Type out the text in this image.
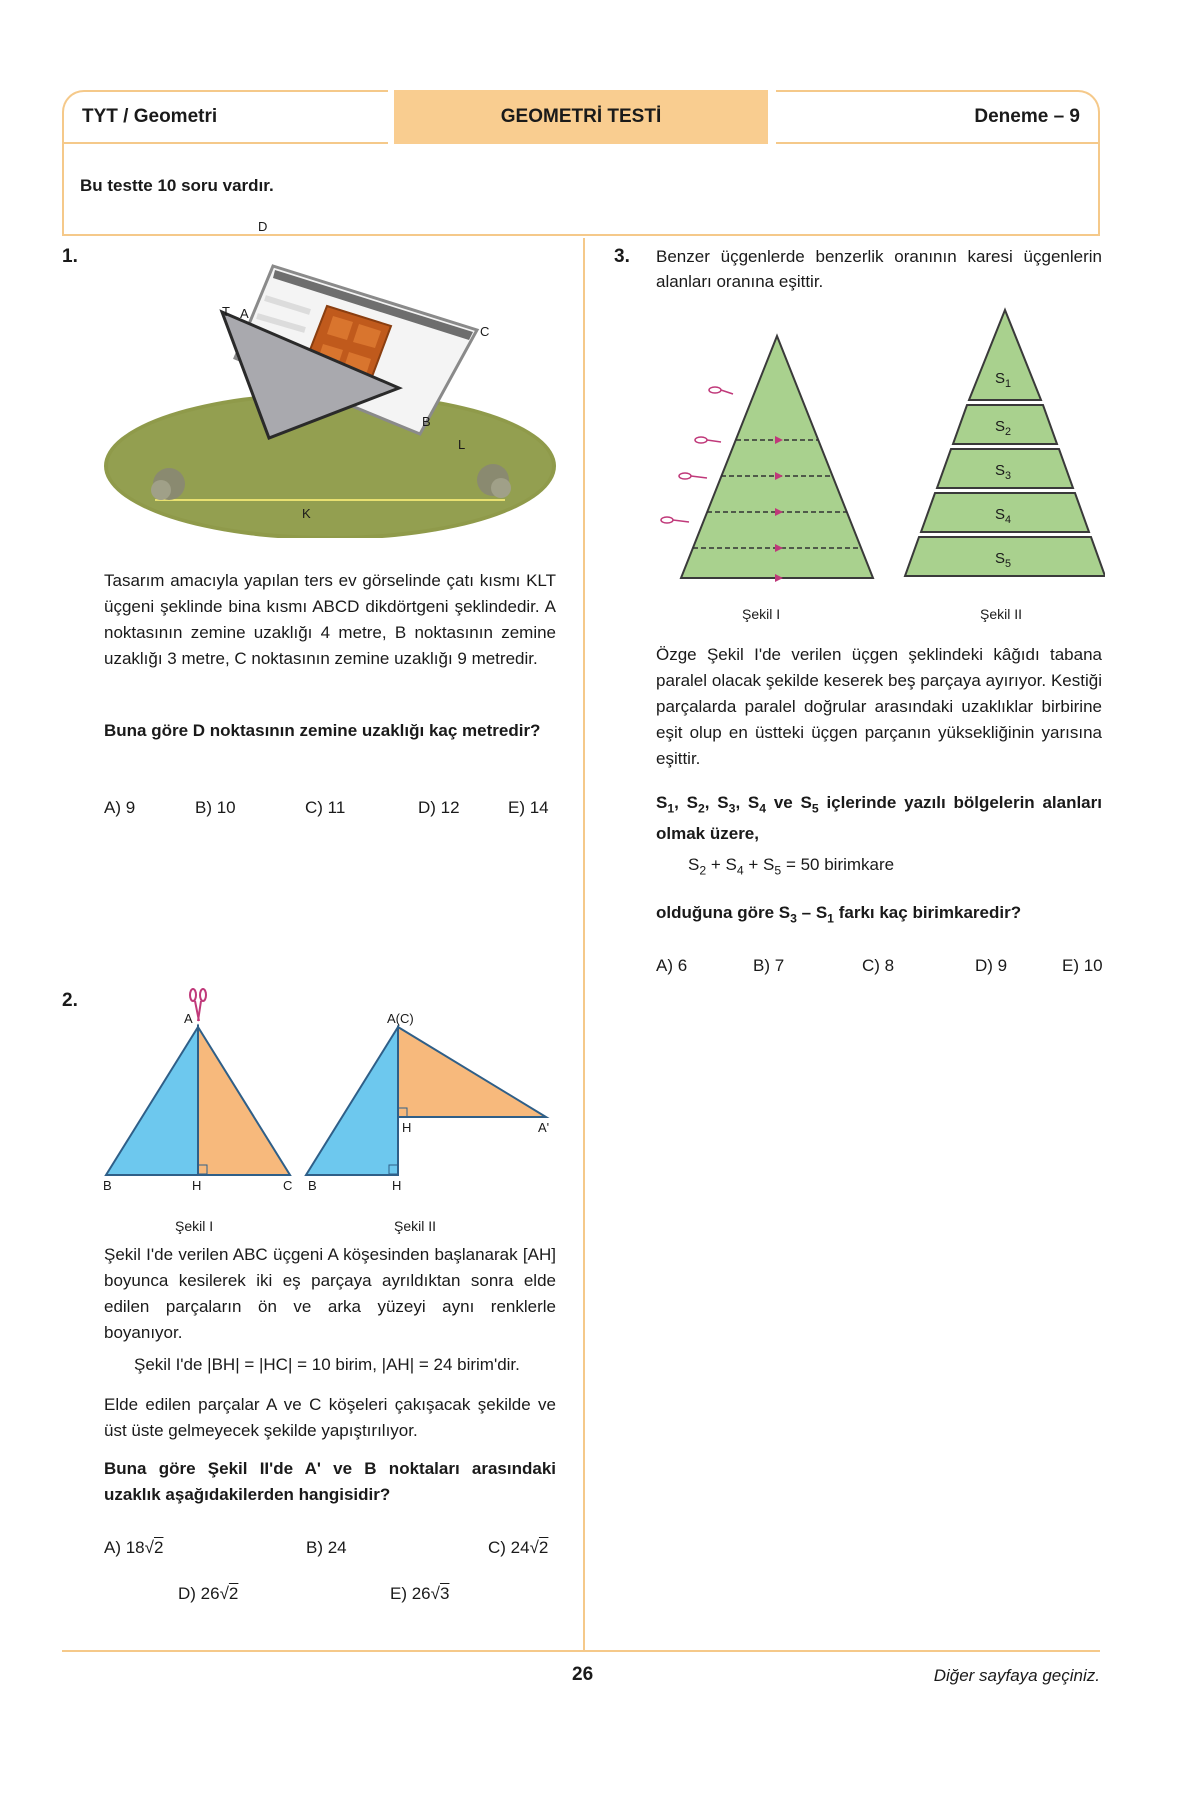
TYT / Geometri	GEOMETRİ TESTİ	Deneme – 9
Bu testte 10 soru vardır.
1.
D
C
T A
B
L
K
Tasarım amacıyla yapılan ters ev görselinde çatı kısmı KLT üçgeni şeklinde bina kısmı ABCD dikdörtgeni şeklindedir. A noktasının zemine uzaklığı 4 metre, B noktasının zemine uzaklığı 3 metre, C noktasının zemine uzaklığı 9 metredir.
Buna göre D noktasının zemine uzaklığı kaç metredir?
A) 9	B) 10	C) 11	D) 12	E) 14
2.
A
B	H	C
A(C)
B
H
H
A'
Şekil I	Şekil II
Şekil I'de verilen ABC üçgeni A köşesinden başlanarak [AH] boyunca kesilerek iki eş parçaya ayrıldıktan sonra elde edilen parçaların ön ve arka yüzeyi aynı renklerle boyanıyor.
Şekil I'de |BH| = |HC| = 10 birim, |AH| = 24 birim'dir.
Elde edilen parçalar A ve C köşeleri çakışacak şekilde ve üst üste gelmeyecek şekilde yapıştırılıyor.
Buna göre Şekil II'de A' ve B noktaları arasındaki uzaklık aşağıdakilerden hangisidir?
A) 18√2	B) 24	C) 24√2
D) 26√2	E) 26√3
3. Benzer üçgenlerde benzerlik oranının karesi üçgenlerin alanları oranına eşittir.
$S_1$
$S_2$
$S_3$
$S_4$
$S_5$
Şekil I	Şekil II
Özge Şekil I'de verilen üçgen şeklindeki kâğıdı tabana paralel olacak şekilde keserek beş parçaya ayırıyor. Kestiği parçalarda paralel doğrular arasındaki uzaklıklar birbirine eşit olup en üstteki üçgen parçanın yüksekliğinin yarısına eşittir.
$S_1$, $S_2$, $S_3$, $S_4$ ve $S_5$ içlerinde yazılı bölgelerin alanları olmak üzere,
$S_2 + S_4 + S_5 = 50$ birimkare
olduğuna göre $S_3 - S_1$ farkı kaç birimkaredir?
A) 6	B) 7	C) 8	D) 9	E) 10
26	Diğer sayfaya geçiniz.
